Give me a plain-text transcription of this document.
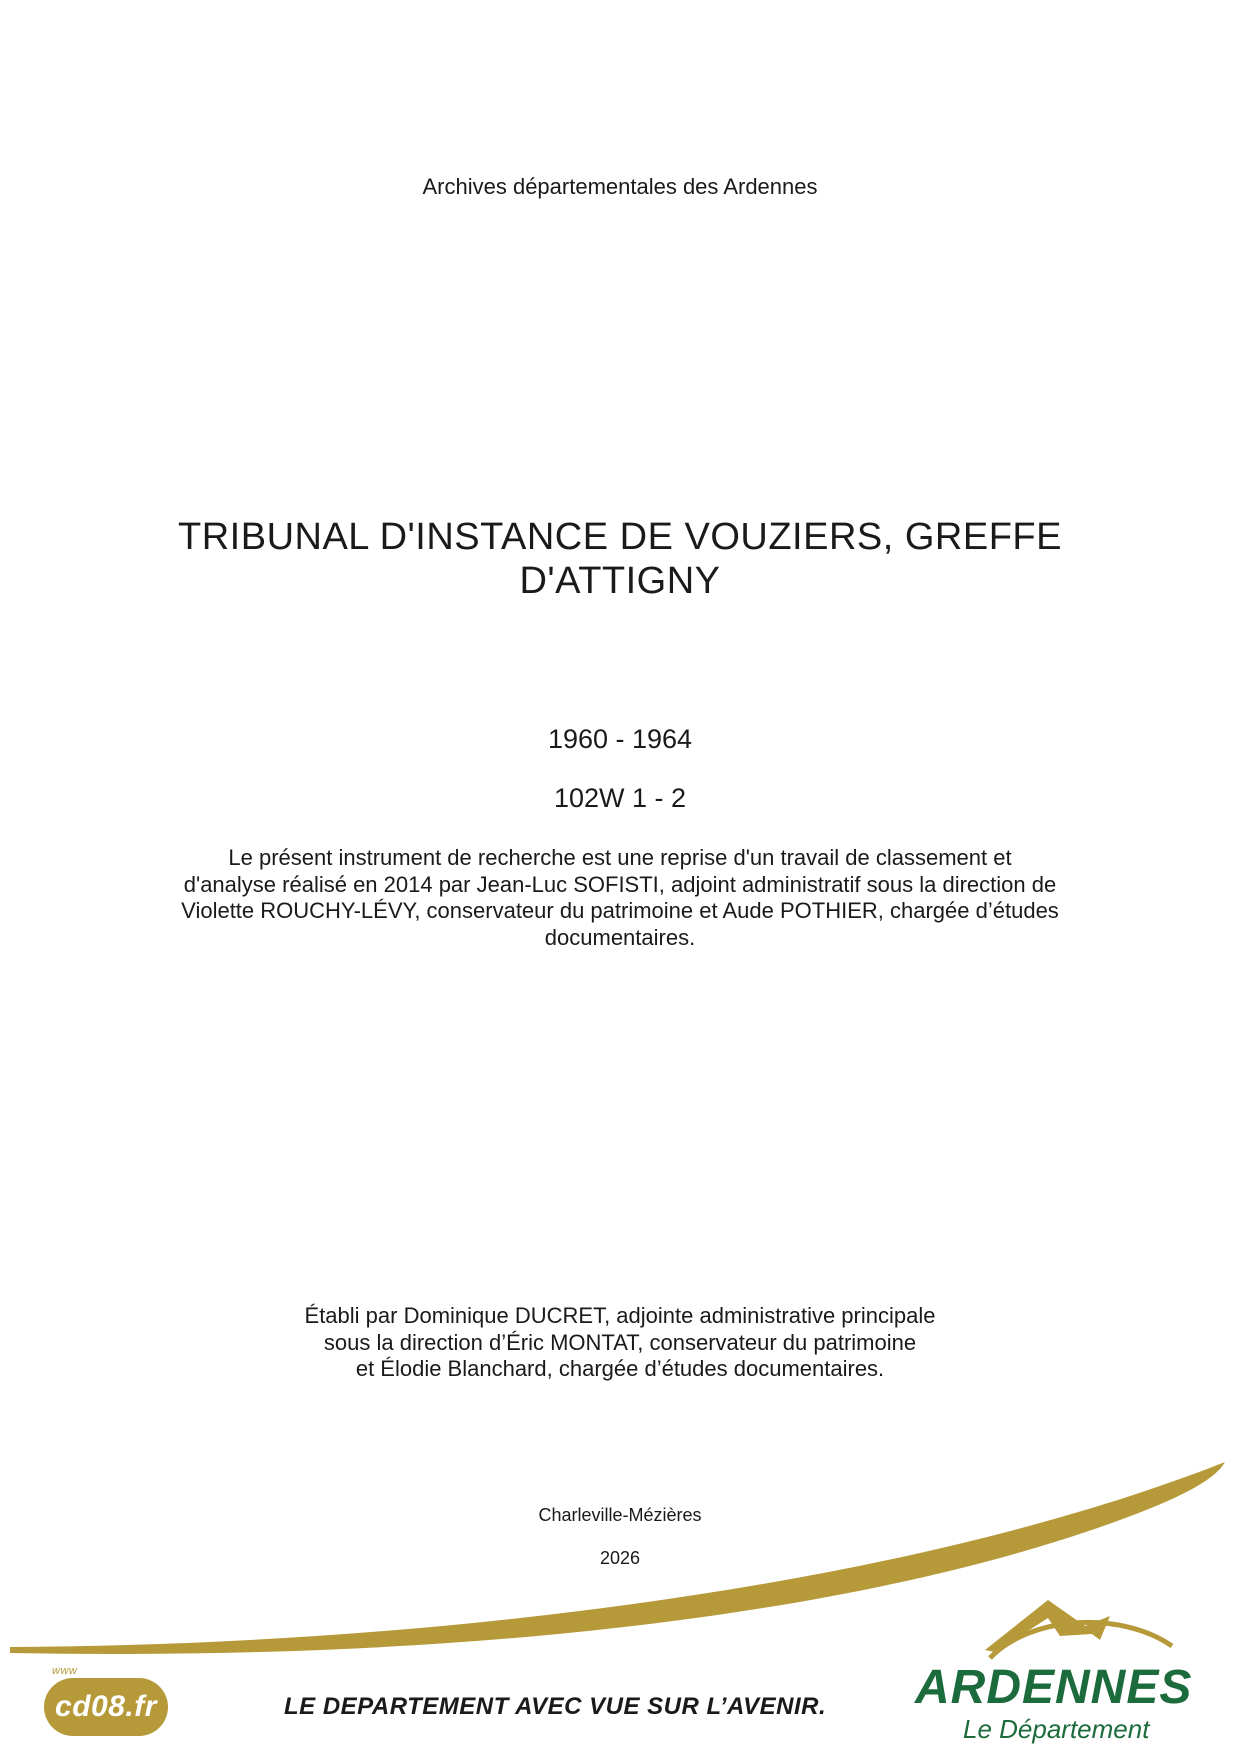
Archives départementales des Ardennes
TRIBUNAL D'INSTANCE DE VOUZIERS, GREFFE
D'ATTIGNY
1960 - 1964
102W 1 - 2
Le présent instrument de recherche est une reprise d'un travail de classement et
d'analyse réalisé en 2014 par Jean-Luc SOFISTI, adjoint administratif sous la direction de
Violette ROUCHY-LÉVY, conservateur du patrimoine et Aude POTHIER, chargée d’études
documentaires.
Établi par Dominique DUCRET, adjointe administrative principale
sous la direction d’Éric MONTAT, conservateur du patrimoine
et Élodie Blanchard, chargée d’études documentaires.
Charleville-Mézières
2026
www
cd08.fr	LE DEPARTEMENT AVEC VUE SUR L’AVENIR. ARDENNES
Le Département
